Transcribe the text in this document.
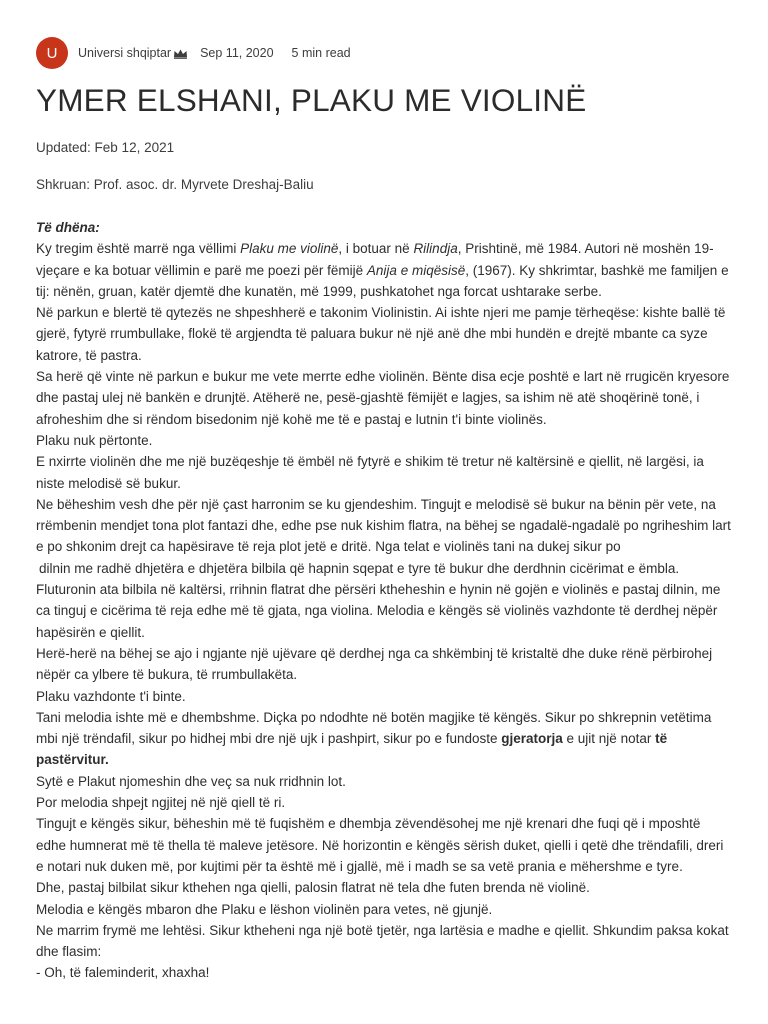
U	Universi shqiptar Sep 11, 2020 5 min read
YMER ELSHANI, PLAKU ME VIOLINË
Updated: Feb 12, 2021
Shkruan: Prof. asoc. dr. Myrvete Dreshaj-Baliu

Të dhëna:

Ky tregim është marrë nga vëllimi Plaku me violinë, i botuar në Rilindja, Prishtinë, më 1984. Autori në moshën 19-vjeçare e ka botuar vëllimin e parë me poezi për fëmijë Anija e miqësisë, (1967). Ky shkrimtar, bashkë me familjen e tij: nënën, gruan, katër djemtë dhe kunatën, më 1999, pushkatohet nga forcat ushtarake serbe.

Në parkun e blertë të qytezës ne shpeshherë e takonim Violinistin. Ai ishte njeri me pamje tërheqëse: kishte ballë të gjerë, fytyrë rrumbullake, flokë të argjendta të paluara bukur në një anë dhe mbi hundën e drejtë mbante ca syze katrore, të pastra.

Sa herë që vinte në parkun e bukur me vete merrte edhe violinën. Bënte disa ecje poshtë e lart në rrugicën kryesore dhe pastaj ulej në bankën e drunjtë. Atëherë ne, pesë-gjashtë fëmijët e lagjes, sa ishim në atë shoqërinë tonë, i afroheshim dhe si rëndom bisedonim një kohë me të e pastaj e lutnin t'i binte violinës.

Plaku nuk përtonte.

E nxirrte violinën dhe me një buzëqeshje të ëmbël në fytyrë e shikim të tretur në kaltërsinë e qiellit, në largësi, ia niste melodisë së bukur.

Ne bëheshim vesh dhe për një çast harronim se ku gjendeshim. Tingujt e melodisë së bukur na bënin për vete, na rrëmbenin mendjet tona plot fantazi dhe, edhe pse nuk kishim flatra, na bëhej se ngadalë-ngadalë po ngriheshim lart e po shkonim drejt ca hapësirave të reja plot jetë e dritë. Nga telat e violinës tani na dukej sikur po

dilnin me radhë dhjetëra e dhjetëra bilbila që hapnin sqepat e tyre të bukur dhe derdhnin cicërimat e ëmbla.

Fluturonin ata bilbila në kaltërsi, rrihnin flatrat dhe përsëri ktheheshin e hynin në gojën e violinës e pastaj dilnin, me ca tinguj e cicërima të reja edhe më të gjata, nga violina. Melodia e këngës së violinës vazhdonte të derdhej nëpër hapësirën e qiellit.

Herë-herë na bëhej se ajo i ngjante një ujëvare që derdhej nga ca shkëmbinj të kristaltë dhe duke rënë përbirohej nëpër ca ylbere të bukura, të rrumbullakëta.

Plaku vazhdonte t'i binte.

Tani melodia ishte më e dhembshme. Diçka po ndodhte në botën magjike të këngës. Sikur po shkrepnin vetëtima mbi një trëndafil, sikur po hidhej mbi dre një ujk i pashpirt, sikur po e fundoste gjeratorja e ujit një notar të pastërvitur.

Sytë e Plakut njomeshin dhe veç sa nuk rridhnin lot.

Por melodia shpejt ngjitej në një qiell të ri.

Tingujt e këngës sikur, bëheshin më të fuqishëm e dhembja zëvendësohej me një krenari dhe fuqi që i mposhtë edhe humnerat më të thella të maleve jetësore. Në horizontin e këngës sërish duket, qielli i qetë dhe trëndafili, dreri e notari nuk duken më, por kujtimi për ta është më i gjallë, më i madh se sa vetë prania e mëhershme e tyre.

Dhe, pastaj bilbilat sikur kthehen nga qielli, palosin flatrat në tela dhe futen brenda në violinë.

Melodia e këngës mbaron dhe Plaku e lëshon violinën para vetes, në gjunjë.

Ne marrim frymë me lehtësi. Sikur ktheheni nga një botë tjetër, nga lartësia e madhe e qiellit. Shkundim paksa kokat dhe flasim:

- Oh, të faleminderit, xhaxha!
